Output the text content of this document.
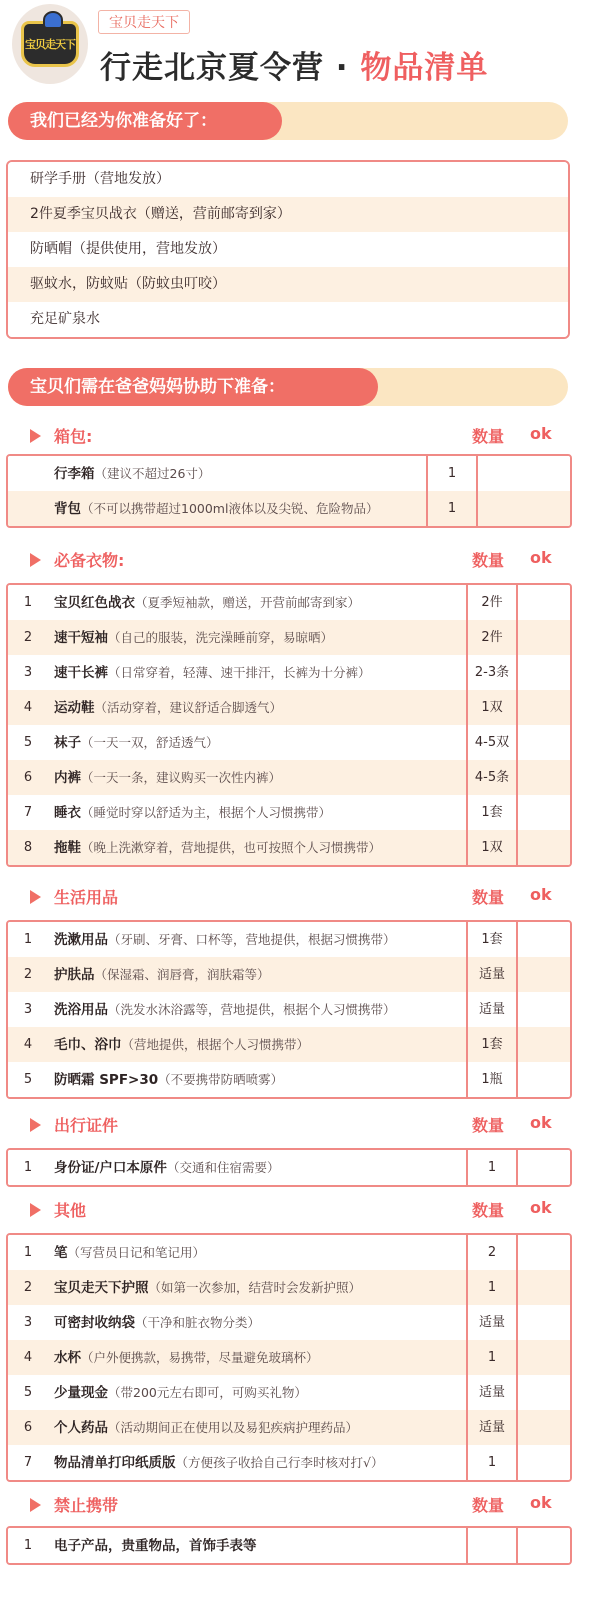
宝贝走天下
宝贝走天下
行走北京夏令营 · 物品清单
我们已经为你准备好了：
研学手册（营地发放）
2件夏季宝贝战衣（赠送，营前邮寄到家）
防晒帽（提供使用，营地发放）
驱蚊水，防蚊贴（防蚊虫叮咬）
充足矿泉水
宝贝们需在爸爸妈妈协助下准备：
箱包:	数量 ok
行李箱（建议不超过26寸）	1
背包（不可以携带超过1000ml液体以及尖锐、危险物品）	1
必备衣物:	数量 ok
1	宝贝红色战衣（夏季短袖款，赠送，开营前邮寄到家）	2件
2	速干短袖（自己的服装，洗完澡睡前穿，易晾晒）	2件
3	速干长裤（日常穿着，轻薄、速干排汗，长裤为十分裤）	2-3条
4	运动鞋（活动穿着，建议舒适合脚透气）	1双
5	袜子（一天一双，舒适透气）	4-5双
6	内裤（一天一条，建议购买一次性内裤）	4-5条
7	睡衣（睡觉时穿以舒适为主，根据个人习惯携带）	1套
8	拖鞋（晚上洗漱穿着，营地提供，也可按照个人习惯携带）	1双
生活用品	数量 ok
1	洗漱用品（牙刷、牙膏、口杯等，营地提供，根据习惯携带）	1套
2	护肤品（保湿霜、润唇膏，润肤霜等）	适量
3	洗浴用品（洗发水沐浴露等，营地提供，根据个人习惯携带）	适量
4	毛巾、浴巾（营地提供，根据个人习惯携带）	1套
5	防晒霜 SPF>30（不要携带防晒喷雾）	1瓶
出行证件	数量 ok
1	身份证/户口本原件（交通和住宿需要）	1
其他	数量 ok
1	笔（写营员日记和笔记用）	2
2	宝贝走天下护照（如第一次参加，结营时会发新护照）	1
3	可密封收纳袋（干净和脏衣物分类）	适量
4	水杯（户外便携款，易携带，尽量避免玻璃杯）	1
5	少量现金（带200元左右即可，可购买礼物）	适量
6	个人药品（活动期间正在使用以及易犯疾病护理药品）	适量
7	物品清单打印纸质版（方便孩子收拾自己行李时核对打√）	1
禁止携带	数量 ok
1	电子产品，贵重物品，首饰手表等
